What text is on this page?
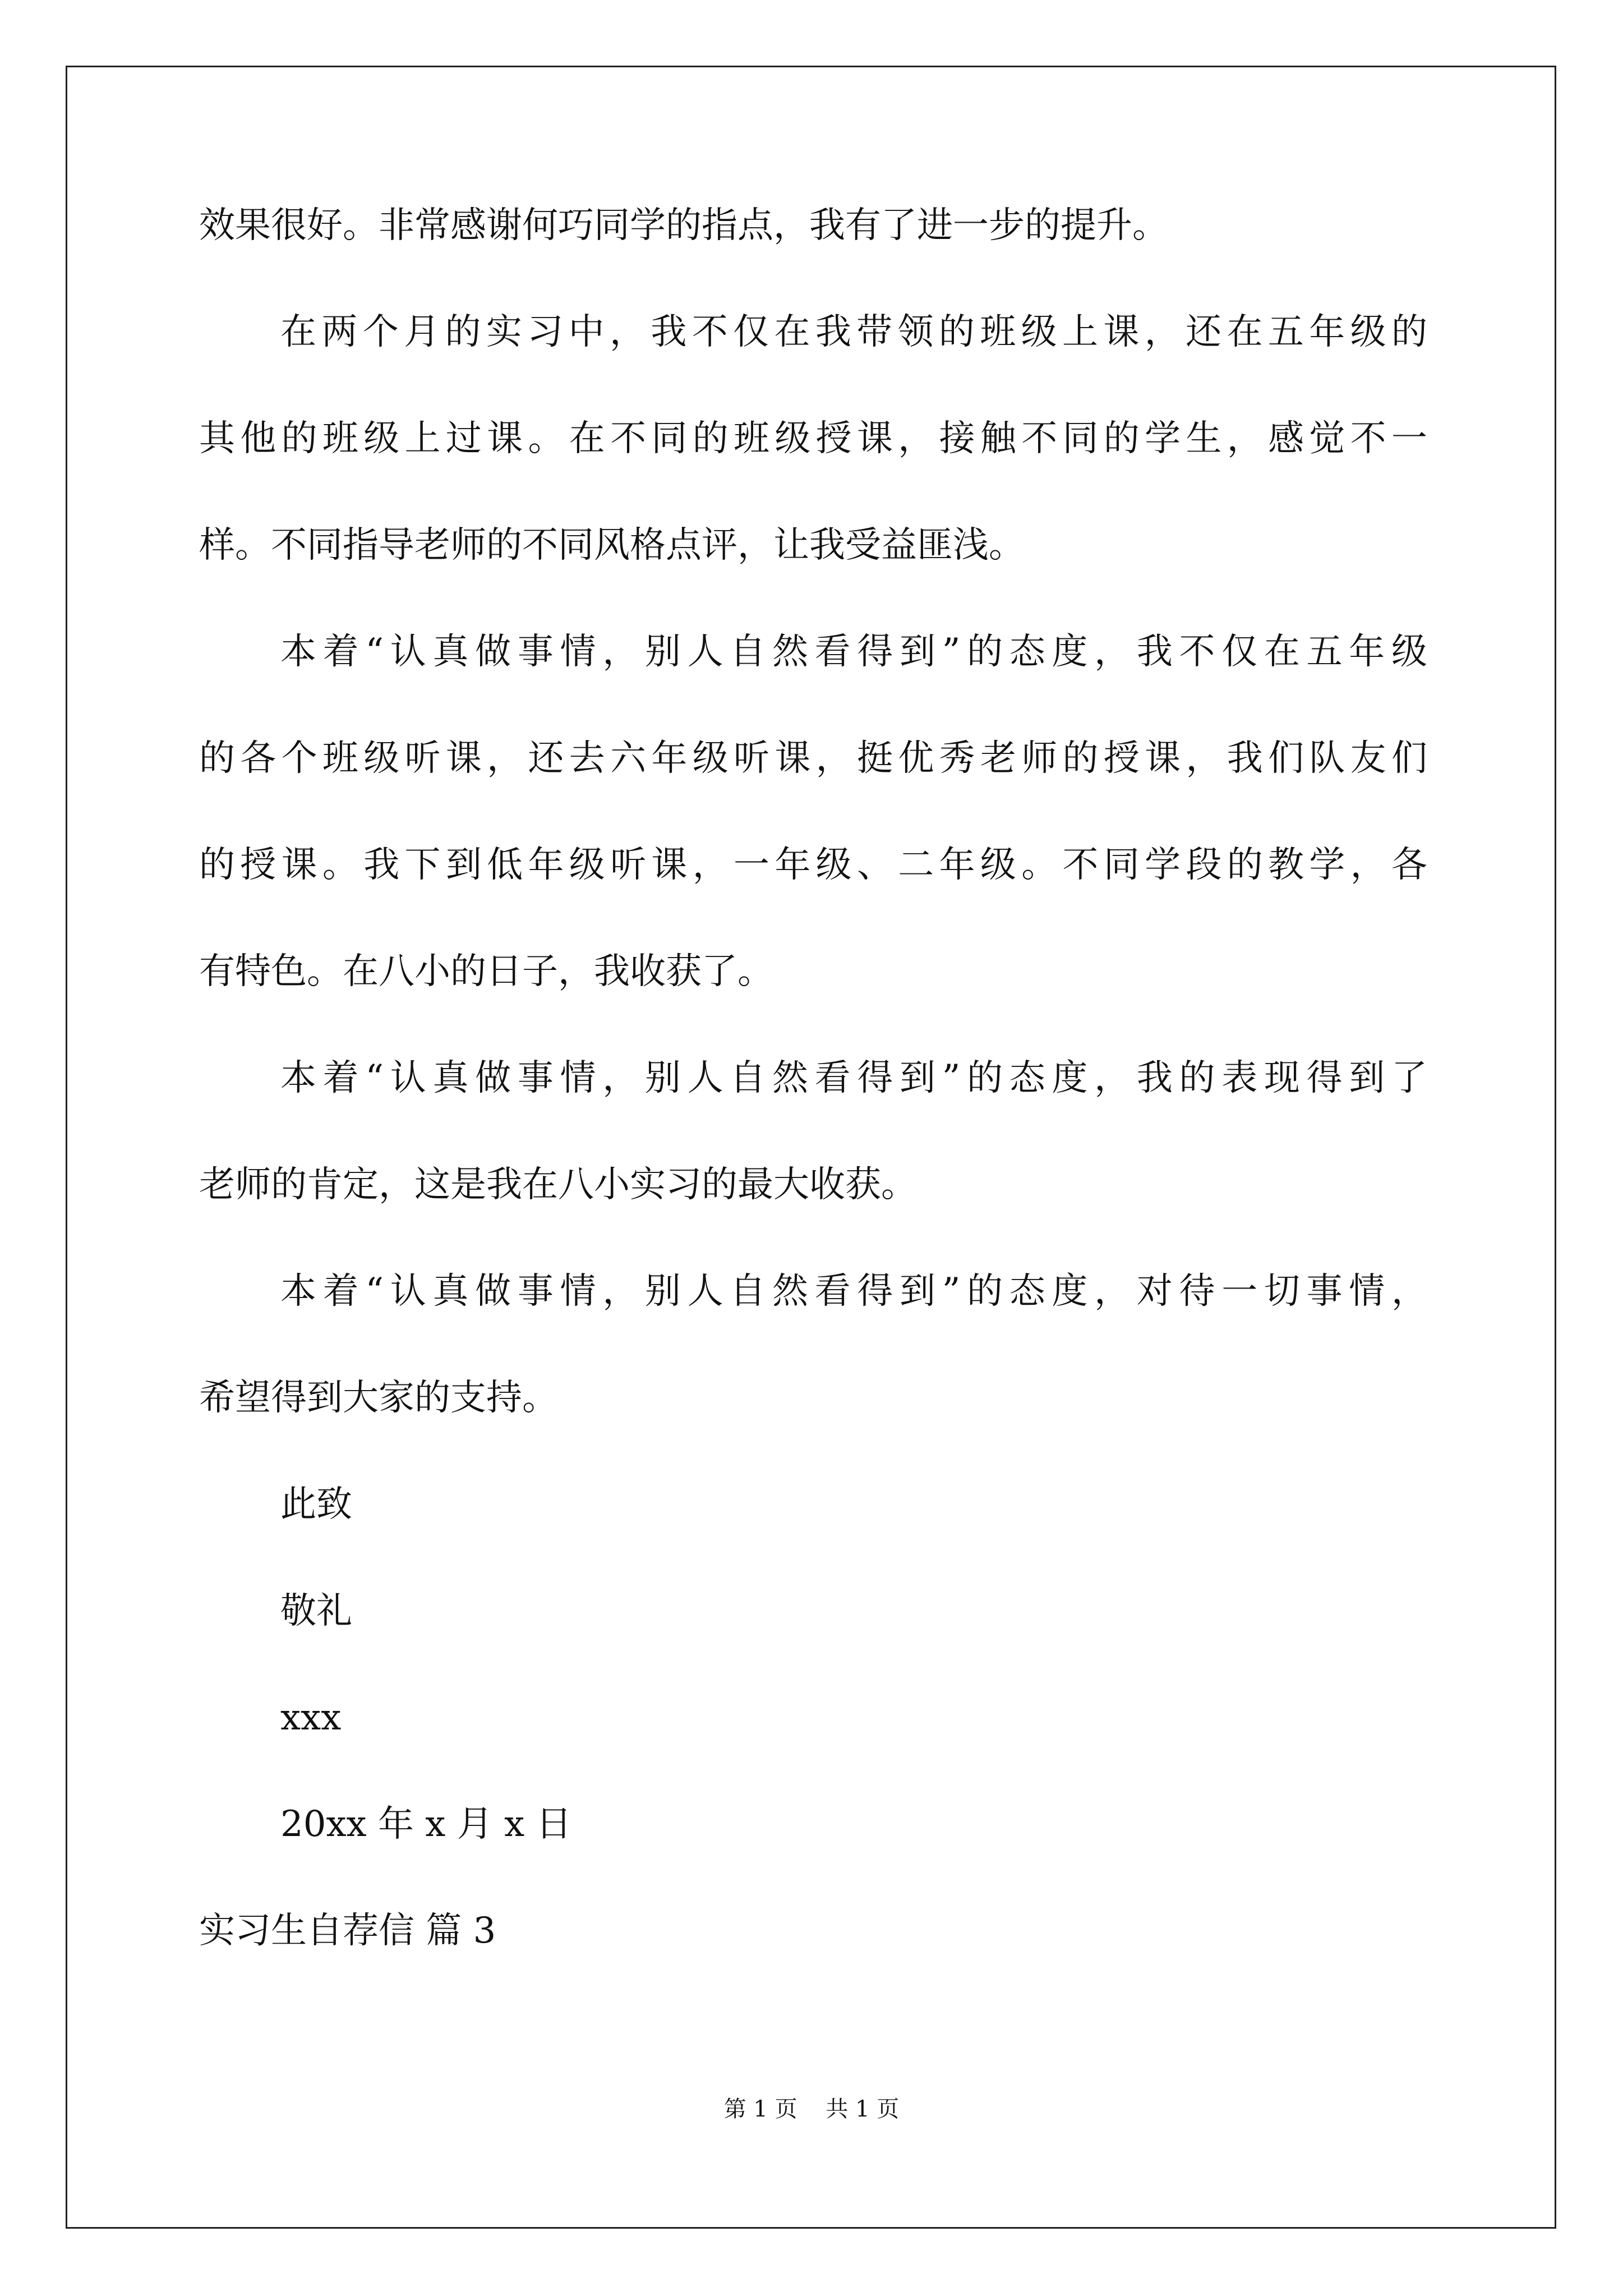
效果很好。非常感谢何巧同学的指点，我有了进一步的提升。
在两个月的实习中，我不仅在我带领的班级上课，还在五年级的
其他的班级上过课。在不同的班级授课，接触不同的学生，感觉不一
样。不同指导老师的不同风格点评，让我受益匪浅。
本着“认真做事情，别人自然看得到”的态度，我不仅在五年级
的各个班级听课，还去六年级听课，挺优秀老师的授课，我们队友们
的授课。我下到低年级听课，一年级、二年级。不同学段的教学，各
有特色。在八小的日子，我收获了。
本着“认真做事情，别人自然看得到”的态度，我的表现得到了
老师的肯定，这是我在八小实习的最大收获。
本着“认真做事情，别人自然看得到”的态度，对待一切事情，
希望得到大家的支持。
此致
敬礼
xxx
20xx 年 x 月 x 日
实习生自荐信 篇 3
第 1 页    共 1 页
